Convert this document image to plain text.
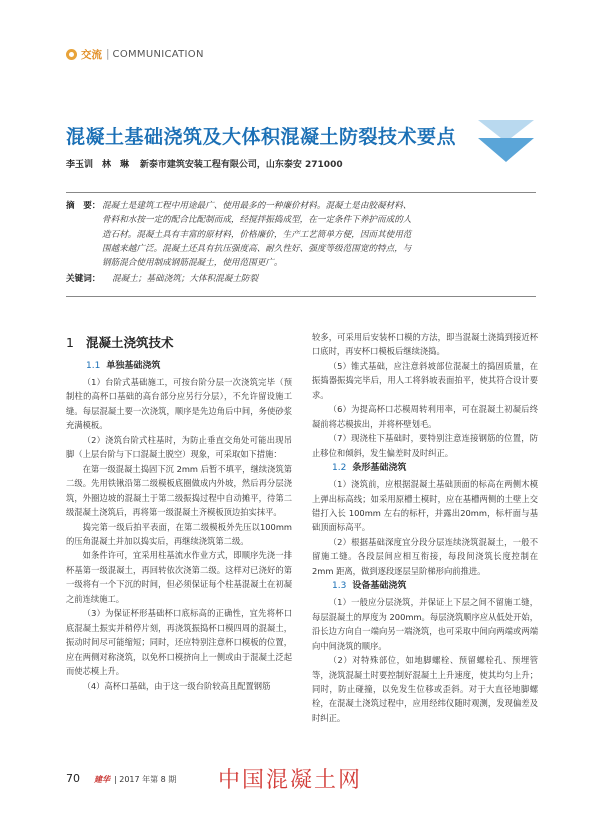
交流 | COMMUNICATION
混凝土基础浇筑及大体积混凝土防裂技术要点
李玉训　林　琳 新泰市建筑安装工程有限公司，山东泰安 271000
摘　要： 混凝土是建筑工程中用途最广、使用最多的一种廉价材料。混凝土是由胶凝材料、
骨料和水按一定的配合比配制而成，经搅拌振捣成型，在一定条件下养护而成的人
造石材。混凝土具有丰富的原材料，价格廉价，生产工艺简单方便，因而其使用范
围越来越广泛。混凝土还具有抗压强度高、耐久性好、强度等级范围宽的特点，与
钢筋混合使用制成钢筋混凝土，使用范围更广。
关键词：	混凝土；基础浇筑；大体积混凝土防裂
1 混凝土浇筑技术
1.1 单独基础浇筑
（1）台阶式基础施工，可按台阶分层一次浇筑完毕（预制柱的高杯口基础的高台部分应另行分层），不允许留设施工缝。每层混凝土要一次浇筑，顺序是先边角后中间，务使砂浆充满模板。
（2）浇筑台阶式柱基时，为防止垂直交角处可能出现吊脚（上层台阶与下口混凝土脱空）现象，可采取如下措施：
在第一级混凝土捣固下沉 2mm 后暂不填平，继续浇筑第二级。先用铁锹沿第二级模板底圈做成内外坡，然后再分层浇筑，外圈边坡的混凝土于第二级振捣过程中自动摊平，待第二级混凝土浇筑后，再将第一级混凝土齐模板顶边拍实抹平。
捣完第一级后拍平表面，在第二级模板外先压以100mm 的压角混凝土并加以捣实后，再继续浇筑第二级。
如条件许可，宜采用柱基流水作业方式，即顺序先浇一排杯基第一级混凝土，再回转依次浇第二级。这样对已浇好的第一级将有一个下沉的时间，但必须保证每个柱基混凝土在初凝之前连续施工。
（3）为保证杯形基础杯口底标高的正确性，宜先将杯口底混凝土振实并稍停片刻，再浇筑振捣杯口模四周的混凝土，振动时间尽可能缩短；同时，还应特别注意杯口模板的位置，应在两侧对称浇筑，以免杯口模挤向上一侧或由于混凝土泛起而使芯模上升。
（4）高杯口基础，由于这一级台阶较高且配置钢筋
较多，可采用后安装杯口模的方法，即当混凝土浇捣到接近杯口底时，再安杯口模板后继续浇捣。
（5）锥式基础，应注意斜坡部位混凝土的捣固质量，在振捣器振捣完毕后，用人工将斜坡表面拍平，使其符合设计要求。
（6）为提高杯口芯模周转利用率，可在混凝土初凝后终凝前将芯模拔出，并将杯壁划毛。
（7）现浇柱下基础时，要特别注意连接钢筋的位置，防止移位和倾斜，发生偏差时及时纠正。
1.2 条形基础浇筑
（1）浇筑前，应根据混凝土基础顶面的标高在两侧木模上弹出标高线；如采用原槽土模时，应在基槽两侧的土壁上交错打入长 100mm 左右的标杆，并露出20mm，标杆面与基础顶面标高平。
（2）根据基础深度宜分段分层连续浇筑混凝土，一般不留施工缝。各段层间应相互衔接，每段间浇筑长度控制在 2mm 距离，做到逐段逐层呈阶梯形向前推进。
1.3 设备基础浇筑
（1）一般应分层浇筑，并保证上下层之间不留施工缝，每层混凝土的厚度为 200mm。每层浇筑顺序应从低处开始，沿长边方向自一端向另一端浇筑，也可采取中间向两端或两端向中间浇筑的顺序。
（2）对特殊部位，如地脚螺栓、预留螺栓孔、预埋管等，浇筑混凝土时要控制好混凝土上升速度，使其均匀上升；同时，防止碰撞，以免发生位移或歪斜。对于大直径地脚螺栓，在混凝土浇筑过程中，应用经纬仪随时观测，发现偏差及时纠正。
70 建华 | 2017 年第 8 期 中国混凝土网
